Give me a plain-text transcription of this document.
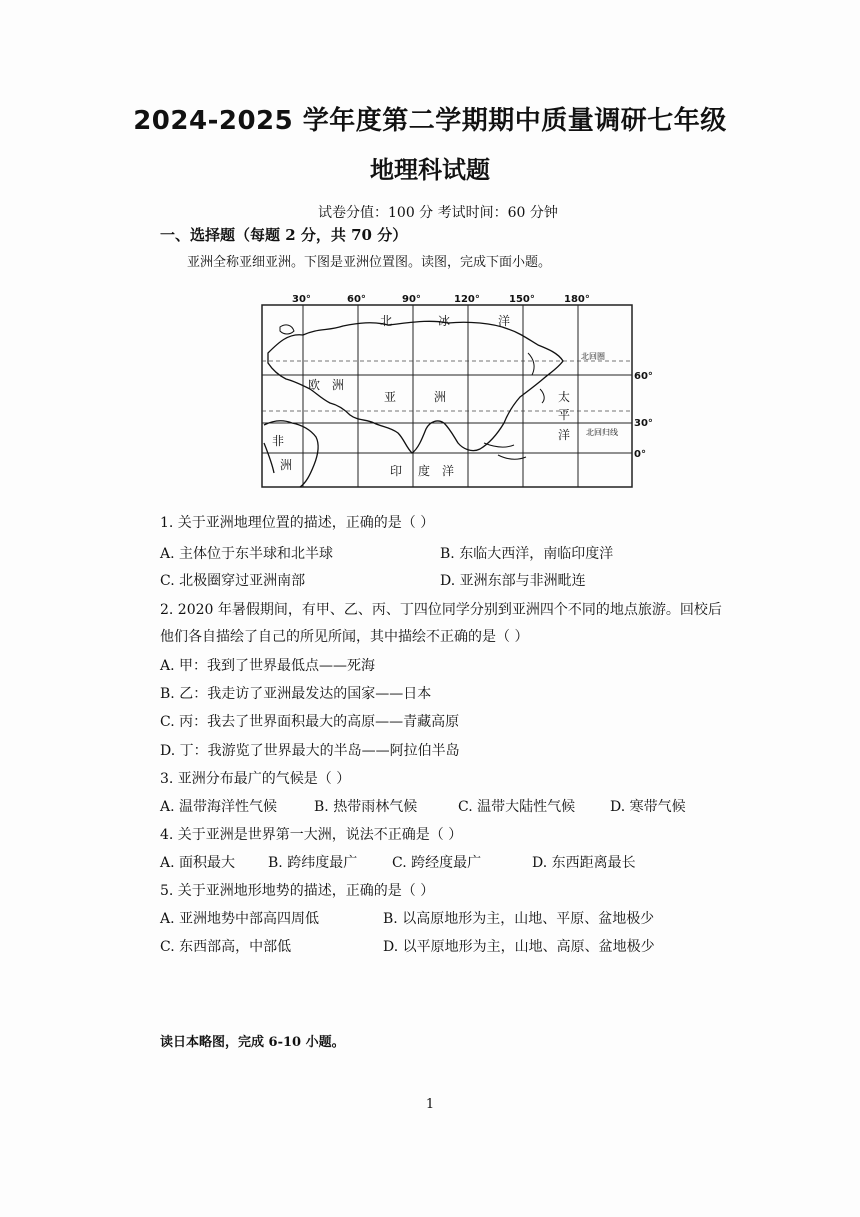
2024-2025 学年度第二学期期中质量调研七年级
地理科试题
试卷分值：100 分 考试时间：60 分钟
一、选择题（每题 2 分，共 70 分）
亚洲全称亚细亚洲。下图是亚洲位置图。读图，完成下面小题。
30°	60°	90°	120°	150°	180°
60°
30°
0°
北	冰	洋
欧 洲
亚	洲
非
洲	印 度 洋
太
平
洋
北回圈
北回归线
1. 关于亚洲地理位置的描述，正确的是（ ）
A. 主体位于东半球和北半球	B. 东临大西洋，南临印度洋
C. 北极圈穿过亚洲南部	D. 亚洲东部与非洲毗连
2. 2020 年暑假期间，有甲、乙、丙、丁四位同学分别到亚洲四个不同的地点旅游。回校后
他们各自描绘了自己的所见所闻，其中描绘不正确的是（ ）
A. 甲：我到了世界最低点——死海
B. 乙：我走访了亚洲最发达的国家——日本
C. 丙：我去了世界面积最大的高原——青藏高原
D. 丁：我游览了世界最大的半岛——阿拉伯半岛
3. 亚洲分布最广的气候是（ ）
A. 温带海洋性气候	B. 热带雨林气候	C. 温带大陆性气候 D. 寒带气候
4. 关于亚洲是世界第一大洲，说法不正确是（ ）
A. 面积最大 B. 跨纬度最广 C. 跨经度最广	D. 东西距离最长
5. 关于亚洲地形地势的描述，正确的是（ ）
A. 亚洲地势中部高四周低	B. 以高原地形为主，山地、平原、盆地极少
C. 东西部高，中部低	D. 以平原地形为主，山地、高原、盆地极少
读日本略图，完成 6-10 小题。
1
